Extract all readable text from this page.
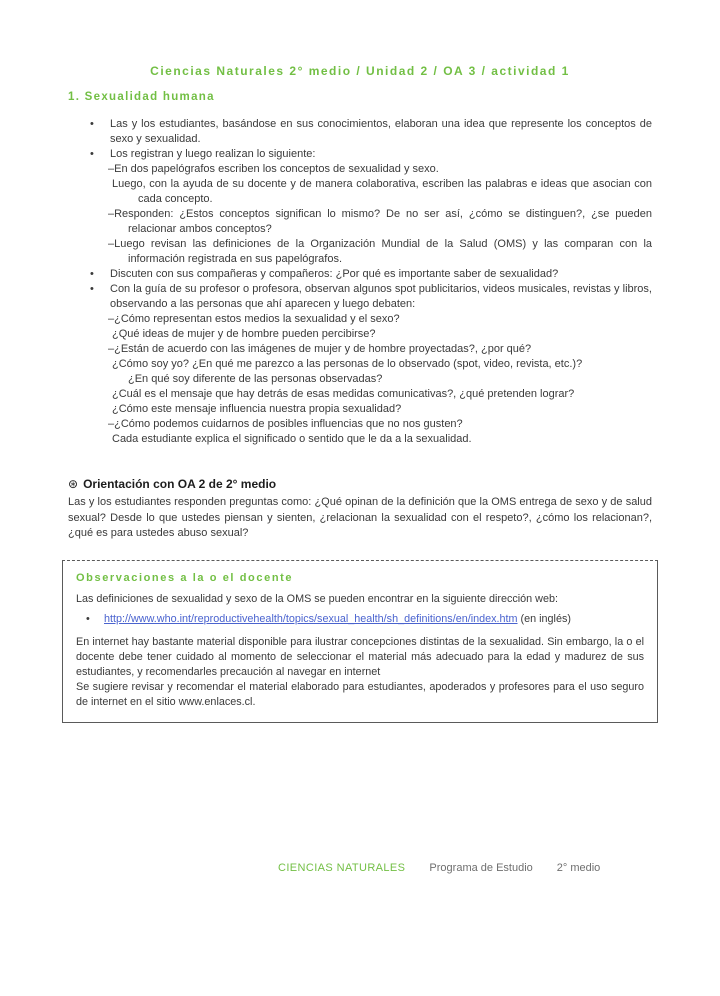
Ciencias Naturales 2° medio / Unidad 2 / OA 3 / actividad 1
1. Sexualidad humana
• Las y los estudiantes, basándose en sus conocimientos, elaboran una idea que represente los conceptos de sexo y sexualidad.
• Los registran y luego realizan lo siguiente:
–En dos papelógrafos escriben los conceptos de sexualidad y sexo.
Luego, con la ayuda de su docente y de manera colaborativa, escriben las palabras e ideas que asocian con cada concepto.
–Responden: ¿Estos conceptos significan lo mismo? De no ser así, ¿cómo se distinguen?, ¿se pueden relacionar ambos conceptos?
–Luego revisan las definiciones de la Organización Mundial de la Salud (OMS) y las comparan con la información registrada en sus papelógrafos.
• Discuten con sus compañeras y compañeros: ¿Por qué es importante saber de sexualidad?
• Con la guía de su profesor o profesora, observan algunos spot publicitarios, videos musicales, revistas y libros, observando a las personas que ahí aparecen y luego debaten:
–¿Cómo representan estos medios la sexualidad y el sexo?
¿Qué ideas de mujer y de hombre pueden percibirse?
–¿Están de acuerdo con las imágenes de mujer y de hombre proyectadas?, ¿por qué?
¿Cómo soy yo? ¿En qué me parezco a las personas de lo observado (spot, video, revista, etc.)?
¿En qué soy diferente de las personas observadas?
¿Cuál es el mensaje que hay detrás de esas medidas comunicativas?, ¿qué pretenden lograr?
¿Cómo este mensaje influencia nuestra propia sexualidad?
–¿Cómo podemos cuidarnos de posibles influencias que no nos gusten?
Cada estudiante explica el significado o sentido que le da a la sexualidad.
⊛ Orientación con OA 2 de 2° medio
Las y los estudiantes responden preguntas como: ¿Qué opinan de la definición que la OMS entrega de sexo y de salud sexual? Desde lo que ustedes piensan y sienten, ¿relacionan la sexualidad con el respeto?, ¿cómo los relacionan?, ¿qué es para ustedes abuso sexual?
Observaciones a la o el docente
Las definiciones de sexualidad y sexo de la OMS se pueden encontrar en la siguiente dirección web:
• http://www.who.int/reproductivehealth/topics/sexual_health/sh_definitions/en/index.htm (en inglés)
En internet hay bastante material disponible para ilustrar concepciones distintas de la sexualidad. Sin embargo, la o el docente debe tener cuidado al momento de seleccionar el material más adecuado para la edad y madurez de sus estudiantes, y recomendarles precaución al navegar en internet
Se sugiere revisar y recomendar el material elaborado para estudiantes, apoderados y profesores para el uso seguro de internet en el sitio www.enlaces.cl.
CIENCIAS NATURALES Programa de Estudio 2° medio
